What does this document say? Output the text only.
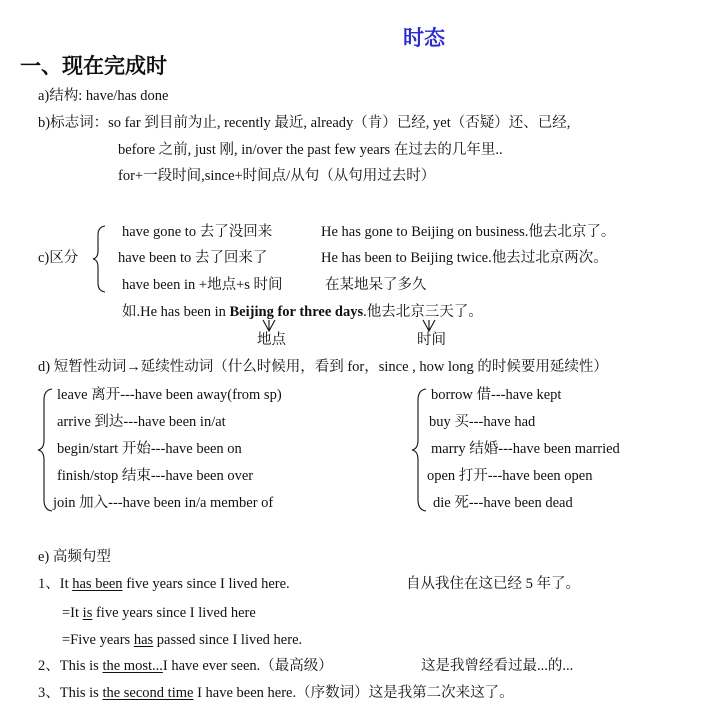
时态
一、现在完成时
a)结构: have/has done
b)标志词：so far 到目前为止, recently 最近, already（肯）已经, yet（否疑）还、已经,
before 之前, just 刚, in/over the past few years 在过去的几年里..
for+一段时间,since+时间点/从句（从句用过去时）
c)区分
have gone to 去了没回来	He has gone to Beijing on business.他去北京了。
have been to 去了回来了	He has been to Beijing twice.他去过北京两次。
have been in +地点+s 时间	在某地呆了多久
如.He has been in Beijing for three days.他去北京三天了。
地点	时间
d) 短暂性动词→延续性动词（什么时候用，看到 for，since , how long 的时候要用延续性）
leave 离开---have been away(from sp)
arrive 到达---have been in/at
begin/start 开始---have been on
finish/stop 结束---have been over
join 加入---have been in/a member of
borrow 借---have kept
buy 买---have had
marry 结婚---have been married
open 打开---have been open
die 死---have been dead
e) 高频句型
1、It has been five years since I lived here.	自从我住在这已经 5 年了。
=It is five years since I lived here
=Five years has passed since I lived here.
2、This is the most...I have ever seen.（最高级）	这是我曾经看过最...的...
3、This is the second time I have been here.（序数词）这是我第二次来这了。
